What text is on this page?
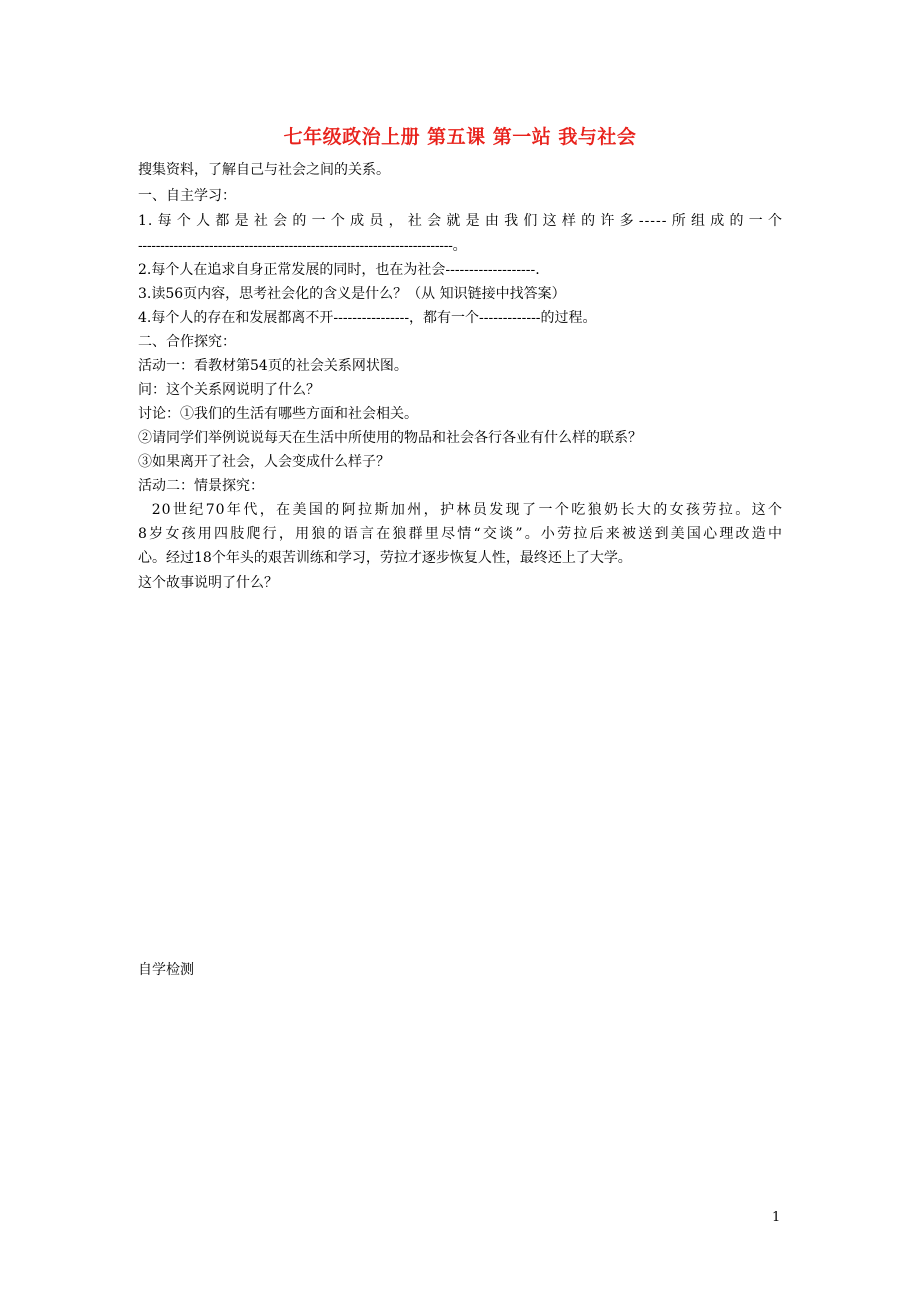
七年级政治上册 第五课 第一站 我与社会
搜集资料，了解自己与社会之间的关系。
一、自主学习：
1.每个人都是社会的一个成员，社会就是由我们这样的许多-----所组成的一个
-----------------------------------------------------------------------。
2.每个人在追求自身正常发展的同时，也在为社会-------------------.
3.读56页内容，思考社会化的含义是什么？（从 知识链接中找答案）
4.每个人的存在和发展都离不开----------------，都有一个-------------的过程。
二、合作探究：
活动一：看教材第54页的社会关系网状图。
问：这个关系网说明了什么？
讨论：①我们的生活有哪些方面和社会相关。
②请同学们举例说说每天在生活中所使用的物品和社会各行各业有什么样的联系？
③如果离开了社会，人会变成什么样子？
活动二：情景探究：
20世纪70年代，在美国的阿拉斯加州，护林员发现了一个吃狼奶长大的女孩劳拉。这个
8岁女孩用四肢爬行，用狼的语言在狼群里尽情“交谈”。小劳拉后来被送到美国心理改造中
心。经过18个年头的艰苦训练和学习，劳拉才逐步恢复人性，最终还上了大学。
这个故事说明了什么？
自学检测
1
